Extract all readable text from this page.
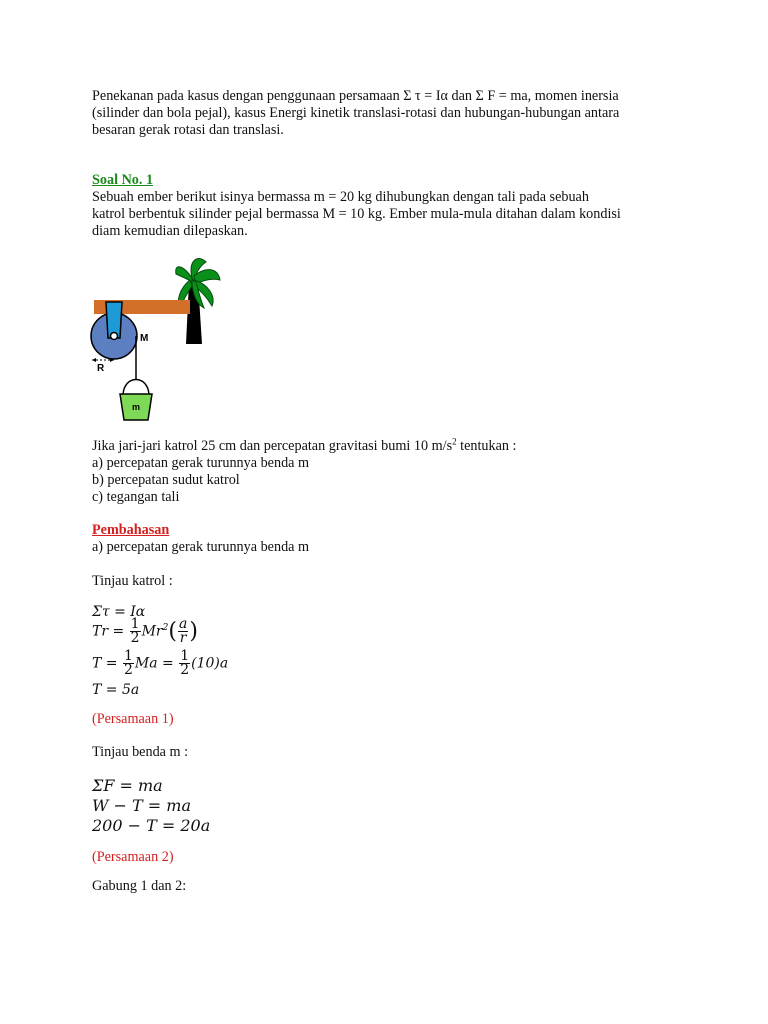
Penekanan pada kasus dengan penggunaan persamaan Σ τ = Iα dan Σ F = ma, momen inersia
(silinder dan bola pejal), kasus Energi kinetik translasi-rotasi dan hubungan-hubungan antara
besaran gerak rotasi dan translasi.
Soal No. 1
Sebuah ember berikut isinya bermassa m = 20 kg dihubungkan dengan tali pada sebuah
katrol berbentuk silinder pejal bermassa M = 10 kg. Ember mula-mula ditahan dalam kondisi
diam kemudian dilepaskan.
M
R
m
Jika jari-jari katrol 25 cm dan percepatan gravitasi bumi 10 $m/s^2$ tentukan :
a) percepatan gerak turunnya benda m
b) percepatan sudut katrol
c) tegangan tali
Pembahasan
a) percepatan gerak turunnya benda m
Tinjau katrol :
Στ = Iα
$Tr = \frac{1}{2} Mr^2( \frac{a}{r}$ )
$T = \frac{1}{2}$ $Ma = \frac{1}{2} (10)a$
T = 5a
(Persamaan 1)
Tinjau benda m :
ΣF = ma
W − T = ma
200 − T = 20a
(Persamaan 2)
Gabung 1 dan 2:
